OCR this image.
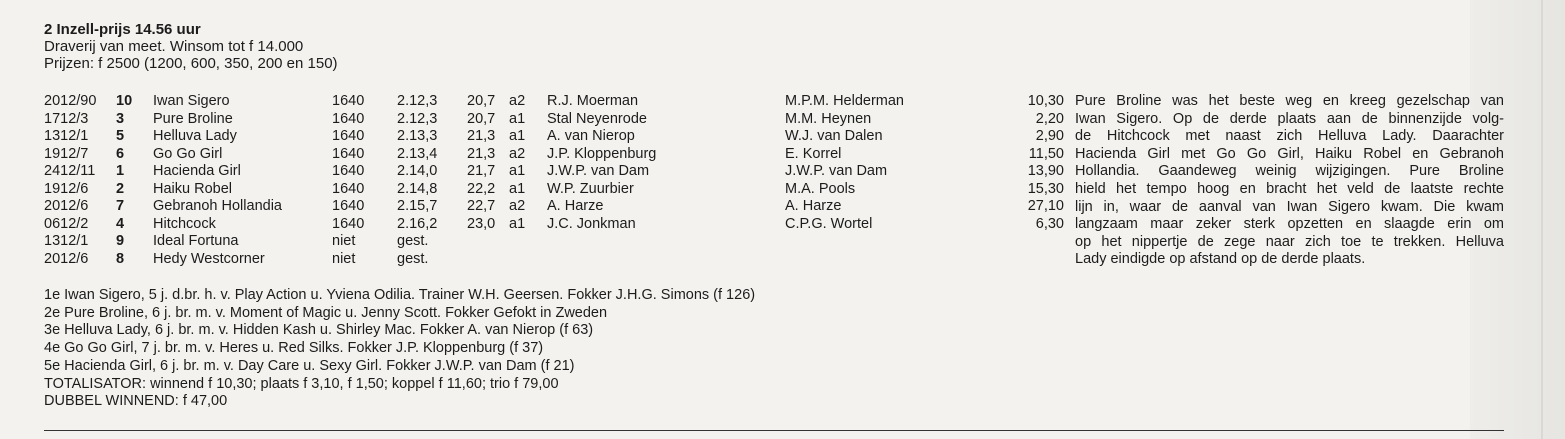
2 Inzell-prijs 14.56 uur
Draverij van meet. Winsom tot f 14.000
Prijzen: f 2500 (1200, 600, 350, 200 en 150)
2012/90 10 Iwan Sigero	1640 2.12,3 20,7 a2 R.J. Moerman	M.P.M. Helderman	10,30
1712/3 3 Pure Broline	1640 2.12,3 20,7 a1 Stal Neyenrode	M.M. Heynen	2,20
1312/1 5 Helluva Lady	1640 2.13,3 21,3 a1 A. van Nierop	W.J. van Dalen	2,90
1912/7 6 Go Go Girl	1640 2.13,4 21,3 a2 J.P. Kloppenburg	E. Korrel	11,50
2412/11 1 Hacienda Girl	1640 2.14,0 21,7 a1 J.W.P. van Dam	J.W.P. van Dam	13,90
1912/6 2 Haiku Robel	1640 2.14,8 22,2 a1 W.P. Zuurbier	M.A. Pools	15,30
2012/6 7 Gebranoh Hollandia	1640 2.15,7 22,7 a2 A. Harze	A. Harze	27,10
0612/2 4 Hitchcock	1640 2.16,2 23,0 a1 J.C. Jonkman	C.P.G. Wortel	6,30
1312/1 9 Ideal Fortuna	niet	gest.
2012/6 8 Hedy Westcorner	niet	gest.
Pure Broline was het beste weg en kreeg gezelschap van
Iwan Sigero. Op de derde plaats aan de binnenzijde volg-
de Hitchcock met naast zich Helluva Lady. Daarachter
Hacienda Girl met Go Go Girl, Haiku Robel en Gebranoh
Hollandia. Gaandeweg weinig wijzigingen. Pure Broline
hield het tempo hoog en bracht het veld de laatste rechte
lijn in, waar de aanval van Iwan Sigero kwam. Die kwam
langzaam maar zeker sterk opzetten en slaagde erin om
op het nippertje de zege naar zich toe te trekken. Helluva
Lady eindigde op afstand op de derde plaats.
1e Iwan Sigero, 5 j. d.br. h. v. Play Action u. Yviena Odilia. Trainer W.H. Geersen. Fokker J.H.G. Simons (f 126)
2e Pure Broline, 6 j. br. m. v. Moment of Magic u. Jenny Scott. Fokker Gefokt in Zweden
3e Helluva Lady, 6 j. br. m. v. Hidden Kash u. Shirley Mac. Fokker A. van Nierop (f 63)
4e Go Go Girl, 7 j. br. m. v. Heres u. Red Silks. Fokker J.P. Kloppenburg (f 37)
5e Hacienda Girl, 6 j. br. m. v. Day Care u. Sexy Girl. Fokker J.W.P. van Dam (f 21)
TOTALISATOR: winnend f 10,30; plaats f 3,10, f 1,50; koppel f 11,60; trio f 79,00
DUBBEL WINNEND: f 47,00
